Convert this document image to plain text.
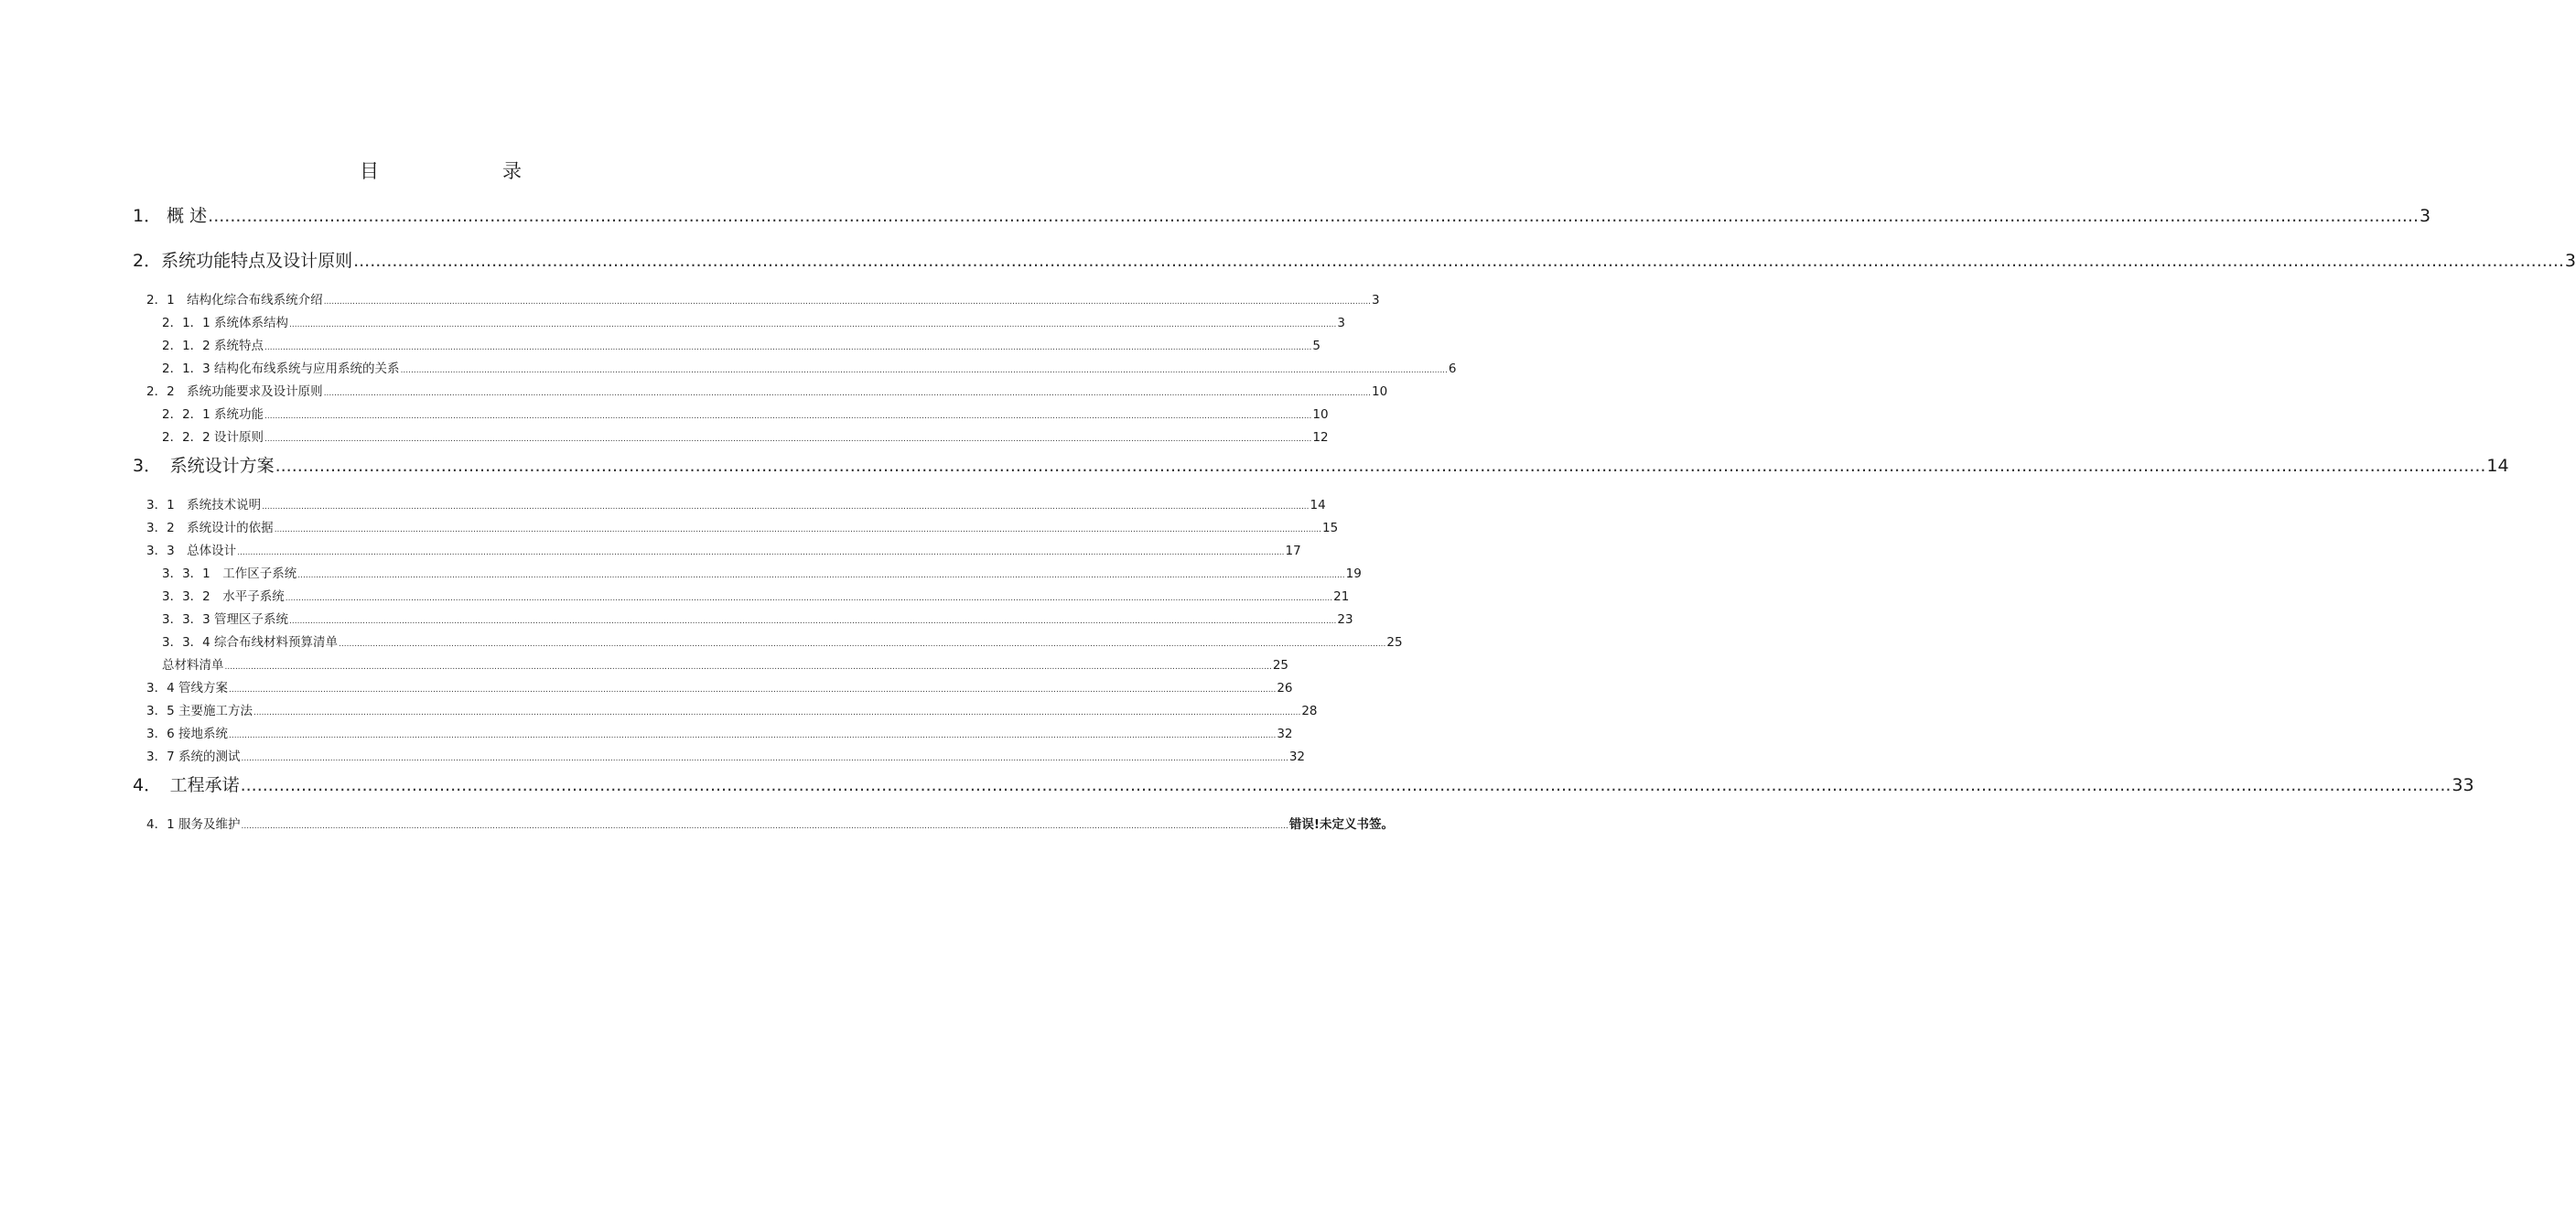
目	录
1． 概 述 ................................................................................................................................................................................................................................................................................................................................................................................................................ 3
2．系统功能特点及设计原则 ................................................................................................................................................................................................................................................................................................................................................................................................................ 3
2．1　结构化综合布线系统介绍 ................................................................................................................................................................................................................................................................................................................................................................................................................ 3
2．1．1 系统体系结构 ................................................................................................................................................................................................................................................................................................................................................................................................................ 3
2．1．2 系统特点 ................................................................................................................................................................................................................................................................................................................................................................................................................ 5
2．1．3 结构化布线系统与应用系统的关系 ................................................................................................................................................................................................................................................................................................................................................................................................................ 6
2．2　系统功能要求及设计原则 ................................................................................................................................................................................................................................................................................................................................................................................................................ 10
2．2．1 系统功能 ................................................................................................................................................................................................................................................................................................................................................................................................................ 10
2．2．2 设计原则 ................................................................................................................................................................................................................................................................................................................................................................................................................ 12
3．　系统设计方案 ................................................................................................................................................................................................................................................................................................................................................................................................................ 14
3．1　系统技术说明 ................................................................................................................................................................................................................................................................................................................................................................................................................ 14
3．2　系统设计的依据 ................................................................................................................................................................................................................................................................................................................................................................................................................ 15
3．3　总体设计 ................................................................................................................................................................................................................................................................................................................................................................................................................ 17
3．3．1　工作区子系统 ................................................................................................................................................................................................................................................................................................................................................................................................................ 19
3．3．2　水平子系统 ................................................................................................................................................................................................................................................................................................................................................................................................................ 21
3．3．3 管理区子系统 ................................................................................................................................................................................................................................................................................................................................................................................................................ 23
3．3．4 综合布线材料预算清单 ................................................................................................................................................................................................................................................................................................................................................................................................................ 25
总材料清单 ................................................................................................................................................................................................................................................................................................................................................................................................................ 25
3．4 管线方案 ................................................................................................................................................................................................................................................................................................................................................................................................................ 26
3．5 主要施工方法 ................................................................................................................................................................................................................................................................................................................................................................................................................ 28
3．6 接地系统 ................................................................................................................................................................................................................................................................................................................................................................................................................ 32
3．7 系统的测试 ................................................................................................................................................................................................................................................................................................................................................................................................................ 32
4．　工程承诺 ................................................................................................................................................................................................................................................................................................................................................................................................................ 33
4．1 服务及维护 ................................................................................................................................................................................................................................................................................................................................................................................................................ 错误!未定义书签。
